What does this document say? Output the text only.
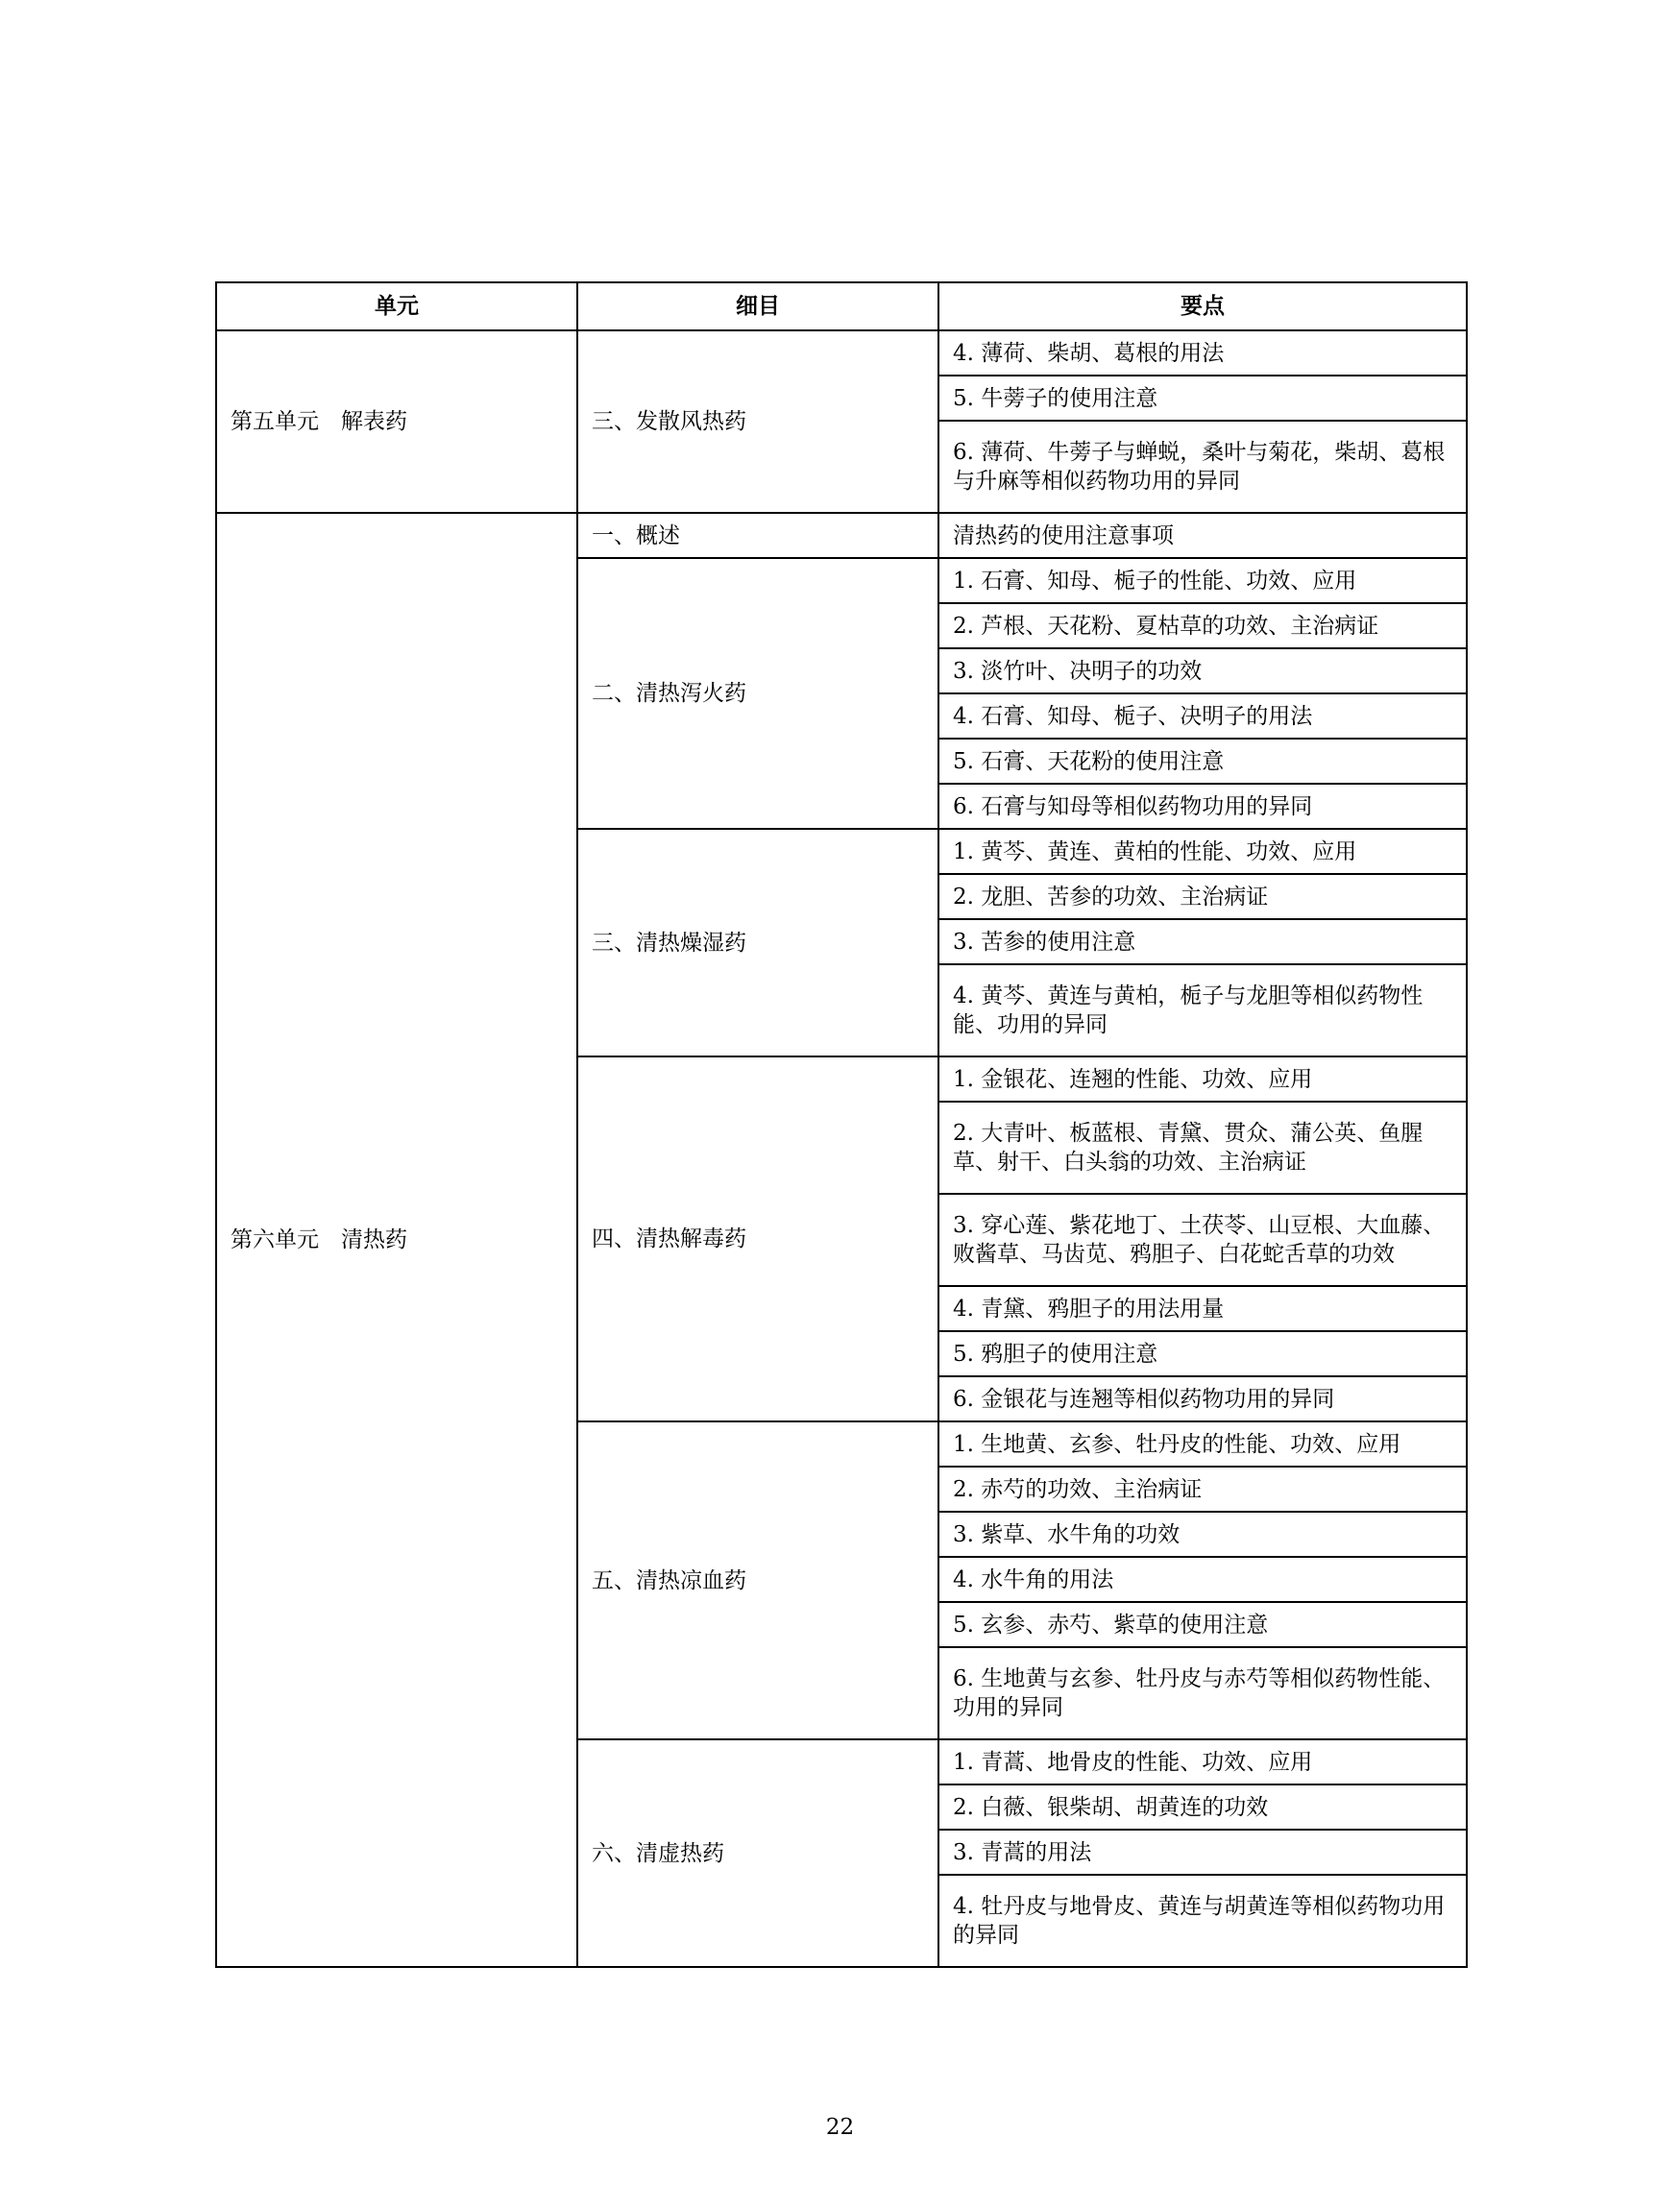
单元	细目	要点
第五单元　解表药	三、发散风热药	4. 薄荷、柴胡、葛根的用法
		5. 牛蒡子的使用注意
		6. 薄荷、牛蒡子与蝉蜕，桑叶与菊花，柴胡、葛根与升麻等相似药物功用的异同
第六单元　清热药	一、概述	清热药的使用注意事项
	二、清热泻火药	1. 石膏、知母、栀子的性能、功效、应用
		2. 芦根、天花粉、夏枯草的功效、主治病证
		3. 淡竹叶、决明子的功效
		4. 石膏、知母、栀子、决明子的用法
		5. 石膏、天花粉的使用注意
		6. 石膏与知母等相似药物功用的异同
	三、清热燥湿药	1. 黄芩、黄连、黄柏的性能、功效、应用
		2. 龙胆、苦参的功效、主治病证
		3. 苦参的使用注意
		4. 黄芩、黄连与黄柏，栀子与龙胆等相似药物性能、功用的异同
	四、清热解毒药	1. 金银花、连翘的性能、功效、应用
		2. 大青叶、板蓝根、青黛、贯众、蒲公英、鱼腥草、射干、白头翁的功效、主治病证
		3. 穿心莲、紫花地丁、土茯苓、山豆根、大血藤、败酱草、马齿苋、鸦胆子、白花蛇舌草的功效
		4. 青黛、鸦胆子的用法用量
		5. 鸦胆子的使用注意
		6. 金银花与连翘等相似药物功用的异同
	五、清热凉血药	1. 生地黄、玄参、牡丹皮的性能、功效、应用
		2. 赤芍的功效、主治病证
		3. 紫草、水牛角的功效
		4. 水牛角的用法
		5. 玄参、赤芍、紫草的使用注意
		6. 生地黄与玄参、牡丹皮与赤芍等相似药物性能、功用的异同
	六、清虚热药	1. 青蒿、地骨皮的性能、功效、应用
		2. 白薇、银柴胡、胡黄连的功效
		3. 青蒿的用法
		4. 牡丹皮与地骨皮、黄连与胡黄连等相似药物功用的异同
22
